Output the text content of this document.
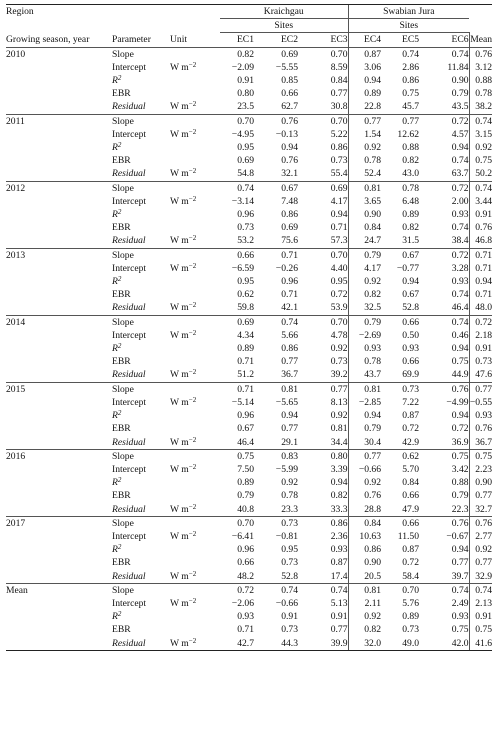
Region			Kraichgau			Swabian Jura			
			Sites			Sites			
Growing season, year	Parameter	Unit	EC1	EC2	EC3	EC4	EC5	EC6	Mean
2010	Slope		0.82	0.69	0.70	0.87	0.74	0.74	0.76
	Intercept	W $m^{-2}$	−2.09	−5.55	8.59	3.06	2.86	11.84	3.12
	$R^2$		0.91	0.85	0.84	0.94	0.86	0.90	0.88
	EBR		0.80	0.66	0.77	0.89	0.75	0.79	0.78
	Residual	W $m^{-2}$	23.5	62.7	30.8	22.8	45.7	43.5	38.2
2011	Slope		0.70	0.76	0.70	0.77	0.77	0.72	0.74
	Intercept	W $m^{-2}$	−4.95	−0.13	5.22	1.54	12.62	4.57	3.15
	$R^2$		0.95	0.94	0.86	0.92	0.88	0.94	0.92
	EBR		0.69	0.76	0.73	0.78	0.82	0.74	0.75
	Residual	W $m^{-2}$	54.8	32.1	55.4	52.4	43.0	63.7	50.2
2012	Slope		0.74	0.67	0.69	0.81	0.78	0.72	0.74
	Intercept	W $m^{-2}$	−3.14	7.48	4.17	3.65	6.48	2.00	3.44
	$R^2$		0.96	0.86	0.94	0.90	0.89	0.93	0.91
	EBR		0.73	0.69	0.71	0.84	0.82	0.74	0.76
	Residual	W $m^{-2}$	53.2	75.6	57.3	24.7	31.5	38.4	46.8
2013	Slope		0.66	0.71	0.70	0.79	0.67	0.72	0.71
	Intercept	W $m^{-2}$	−6.59	−0.26	4.40	4.17	−0.77	3.28	0.71
	$R^2$		0.95	0.96	0.95	0.92	0.94	0.93	0.94
	EBR		0.62	0.71	0.72	0.82	0.67	0.74	0.71
	Residual	W $m^{-2}$	59.8	42.1	53.9	32.5	52.8	46.4	48.0
2014	Slope		0.69	0.74	0.70	0.79	0.66	0.74	0.72
	Intercept	W $m^{-2}$	4.34	5.66	4.78	−2.69	0.50	0.46	2.18
	$R^2$		0.89	0.86	0.92	0.93	0.93	0.94	0.91
	EBR		0.71	0.77	0.73	0.78	0.66	0.75	0.73
	Residual	W $m^{-2}$	51.2	36.7	39.2	43.7	69.9	44.9	47.6
2015	Slope		0.71	0.81	0.77	0.81	0.73	0.76	0.77
	Intercept	W $m^{-2}$	−5.14	−5.65	8.13	−2.85	7.22	−4.99	−0.55
	$R^2$		0.96	0.94	0.92	0.94	0.87	0.94	0.93
	EBR		0.67	0.77	0.81	0.79	0.72	0.72	0.76
	Residual	W $m^{-2}$	46.4	29.1	34.4	30.4	42.9	36.9	36.7
2016	Slope		0.75	0.83	0.80	0.77	0.62	0.75	0.75
	Intercept	W $m^{-2}$	7.50	−5.99	3.39	−0.66	5.70	3.42	2.23
	$R^2$		0.89	0.92	0.94	0.92	0.84	0.88	0.90
	EBR		0.79	0.78	0.82	0.76	0.66	0.79	0.77
	Residual	W $m^{-2}$	40.8	23.3	33.3	28.8	47.9	22.3	32.7
2017	Slope		0.70	0.73	0.86	0.84	0.66	0.76	0.76
	Intercept	W $m^{-2}$	−6.41	−0.81	2.36	10.63	11.50	−0.67	2.77
	$R^2$		0.96	0.95	0.93	0.86	0.87	0.94	0.92
	EBR		0.66	0.73	0.87	0.90	0.72	0.77	0.77
	Residual	W $m^{-2}$	48.2	52.8	17.4	20.5	58.4	39.7	32.9
Mean	Slope		0.72	0.74	0.74	0.81	0.70	0.74	0.74
	Intercept	W $m^{-2}$	−2.06	−0.66	5.13	2.11	5.76	2.49	2.13
	$R^2$		0.93	0.91	0.91	0.92	0.89	0.93	0.91
	EBR		0.71	0.73	0.77	0.82	0.73	0.75	0.75
	Residual	W $m^{-2}$	42.7	44.3	39.9	32.0	49.0	42.0	41.6
